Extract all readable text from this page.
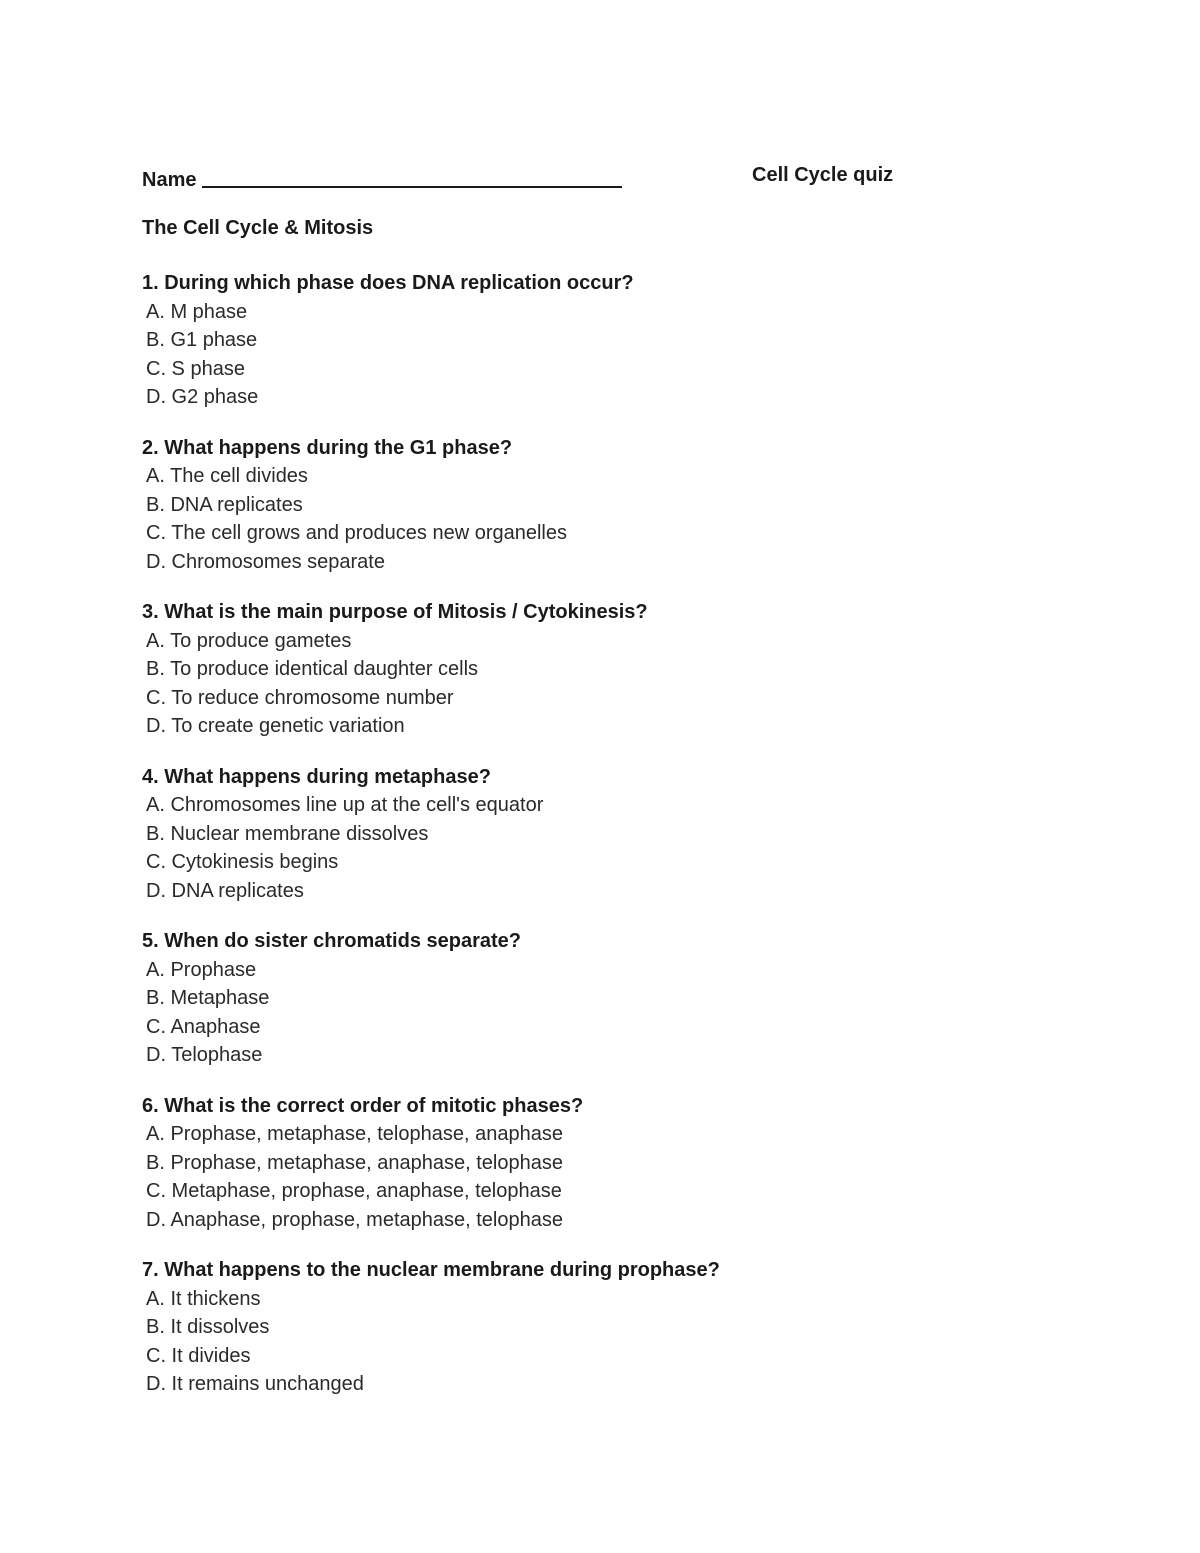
Name	Cell Cycle quiz
The Cell Cycle & Mitosis
1. During which phase does DNA replication occur?
A. M phase
B. G1 phase
C. S phase
D. G2 phase
2. What happens during the G1 phase?
A. The cell divides
B. DNA replicates
C. The cell grows and produces new organelles
D. Chromosomes separate
3. What is the main purpose of Mitosis / Cytokinesis?
A. To produce gametes
B. To produce identical daughter cells
C. To reduce chromosome number
D. To create genetic variation
4. What happens during metaphase?
A. Chromosomes line up at the cell's equator
B. Nuclear membrane dissolves
C. Cytokinesis begins
D. DNA replicates
5. When do sister chromatids separate?
A. Prophase
B. Metaphase
C. Anaphase
D. Telophase
6. What is the correct order of mitotic phases?
A. Prophase, metaphase, telophase, anaphase
B. Prophase, metaphase, anaphase, telophase
C. Metaphase, prophase, anaphase, telophase
D. Anaphase, prophase, metaphase, telophase
7. What happens to the nuclear membrane during prophase?
A. It thickens
B. It dissolves
C. It divides
D. It remains unchanged
